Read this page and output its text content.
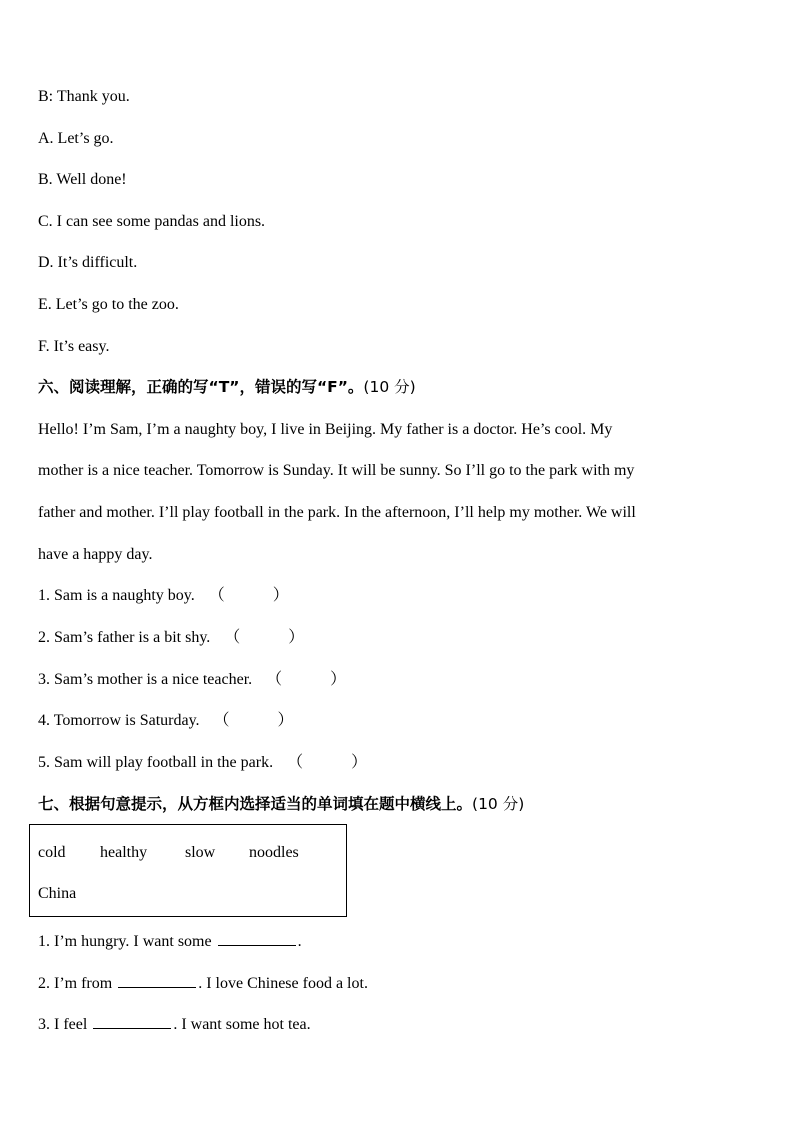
B: Thank you.
A. Let’s go.
B. Well done!
C. I can see some pandas and lions.
D. It’s difficult.
E. Let’s go to the zoo.
F. It’s easy.
六、阅读理解，正确的写“T”，错误的写“F”。(10 分)
Hello! I’m Sam, I’m a naughty boy, I live in Beijing. My father is a doctor. He’s cool. My
mother is a nice teacher. Tomorrow is Sunday. It will be sunny. So I’ll go to the park with my
father and mother. I’ll play football in the park. In the afternoon, I’ll help my mother. We will
have a happy day.
1. Sam is a naughty boy. （	）
2. Sam’s father is a bit shy. （	）
3. Sam’s mother is a nice teacher. （	）
4. Tomorrow is Saturday. （	）
5. Sam will play football in the park. （	）
七、根据句意提示，从方框内选择适当的单词填在题中横线上。(10 分)
cold healthy slow noodles
China
1. I’m hungry. I want some	.
2. I’m from	. I love Chinese food a lot.
3. I feel	. I want some hot tea.
